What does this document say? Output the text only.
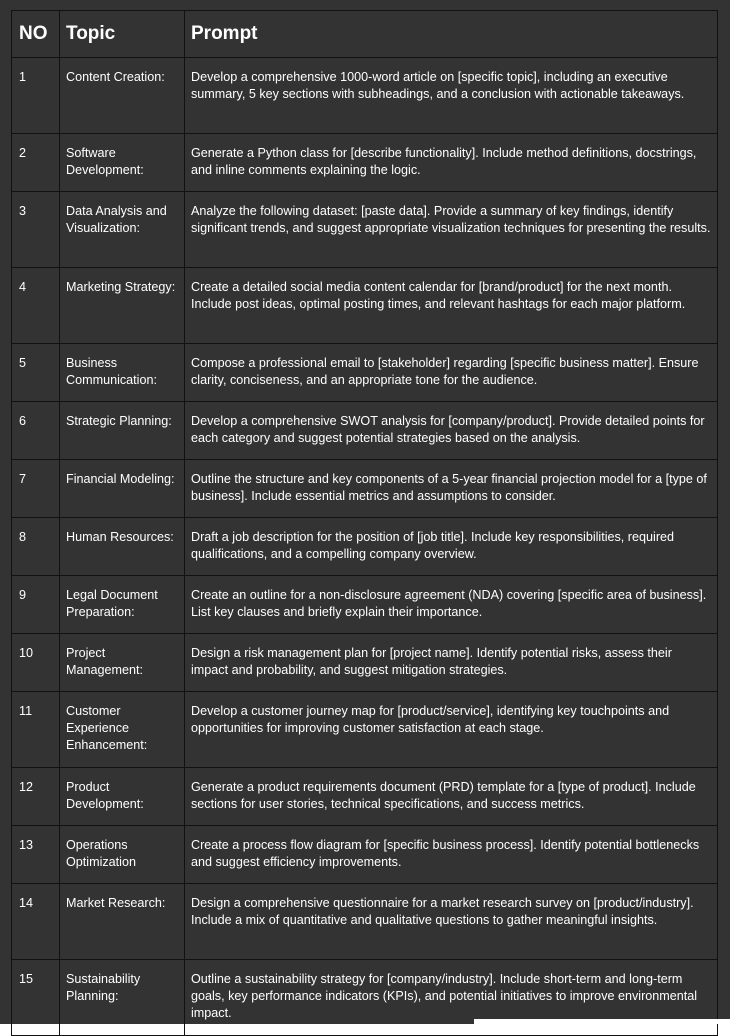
NO	Topic	Prompt
1	Content Creation:	Develop a comprehensive 1000-word article on [specific topic], including an executive summary, 5 key sections with subheadings, and a conclusion with actionable takeaways.
2	Software Development:	Generate a Python class for [describe functionality]. Include method definitions, docstrings, and inline comments explaining the logic.
3	Data Analysis and Visualization:	Analyze the following dataset: [paste data]. Provide a summary of key findings, identify significant trends, and suggest appropriate visualization techniques for presenting the results.
4	Marketing Strategy:	Create a detailed social media content calendar for [brand/product] for the next month. Include post ideas, optimal posting times, and relevant hashtags for each major platform.
5	Business Communication:	Compose a professional email to [stakeholder] regarding [specific business matter]. Ensure clarity, conciseness, and an appropriate tone for the audience.
6	Strategic Planning:	Develop a comprehensive SWOT analysis for [company/product]. Provide detailed points for each category and suggest potential strategies based on the analysis.
7	Financial Modeling:	Outline the structure and key components of a 5-year financial projection model for a [type of business]. Include essential metrics and assumptions to consider.
8	Human Resources:	Draft a job description for the position of [job title]. Include key responsibilities, required qualifications, and a compelling company overview.
9	Legal Document Preparation:	Create an outline for a non-disclosure agreement (NDA) covering [specific area of business]. List key clauses and briefly explain their importance.
10	Project Management:	Design a risk management plan for [project name]. Identify potential risks, assess their impact and probability, and suggest mitigation strategies.
11	Customer Experience Enhancement:	Develop a customer journey map for [product/service], identifying key touchpoints and opportunities for improving customer satisfaction at each stage.
12	Product Development:	Generate a product requirements document (PRD) template for a [type of product]. Include sections for user stories, technical specifications, and success metrics.
13	Operations Optimization	Create a process flow diagram for [specific business process]. Identify potential bottlenecks and suggest efficiency improvements.
14	Market Research:	Design a comprehensive questionnaire for a market research survey on [product/industry]. Include a mix of quantitative and qualitative questions to gather meaningful insights.
15	Sustainability Planning:	Outline a sustainability strategy for [company/industry]. Include short-term and long-term goals, key performance indicators (KPIs), and potential initiatives to improve environmental impact.
